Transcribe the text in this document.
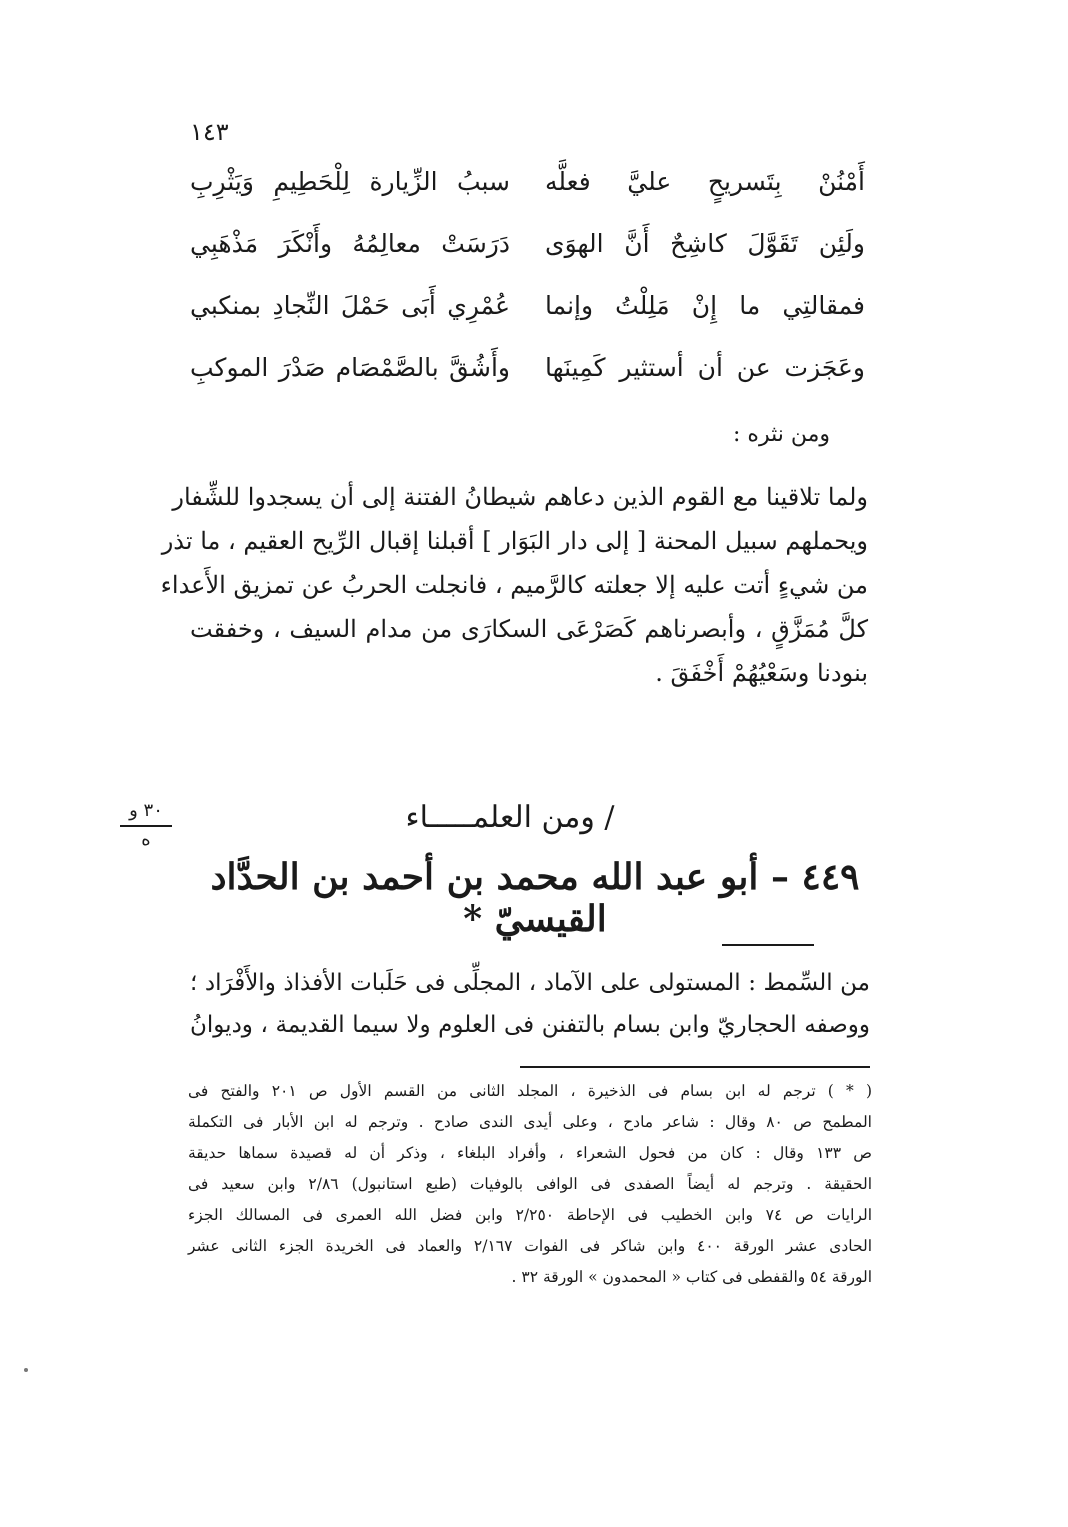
١٤٣
أَمْنُنْ بِتَسريحٍ عليَّ فعلَّه
سببُ الزِّيارة لِلْحَطِيمِ وَيَثْرِبِ
ولَئِن تَقَوَّلَ كاشِحٌ أَنَّ الهوَى
دَرَسَتْ معالِمُهُ وأَنْكَرَ مَذْهَبِي
فمقالتِي ما إِنْ مَلِلْتُ وإنما
عُمْرِي أَبَى حَمْلَ النِّجادِ بمنكبي
وعَجَزت عن أن أستثير كَمِينَها
وأَشُقَّ بالصَّمْصَام صَدْرَ الموكبِ
ومن نثره :
ولما تلاقينا مع القوم الذين دعاهم شيطانُ الفتنة إلى أن يسجدوا للشِّفار
ويحملهم سبيل المحنة [ إلى دار البَوَار ] أقبلنا إقبال الرِّيح العقيم ، ما تذر
من شيءٍ أتت عليه إلا جعلته كالرَّميم ، فانجلت الحربُ عن تمزيق الأَعداء
كلَّ مُمَزَّقٍ ، وأبصرناهم كَصَرْعَى السكارَى من مدام السيف ، وخفقت
بنودنا وسَعْيُهُمْ أَخْفَقَ .
٣٠ و
ه
/ ومن العلمـــــاء
٤٤٩ – أبو عبد الله محمد بن أحمد بن الحدَّاد القيسيّ *
من السِّمط : المستولى على الآماد ، المجلِّى فى حَلَبات الأفذاذ والأَفْرَاد ؛
ووصفه الحجاريّ وابن بسام بالتفنن فى العلوم ولا سيما القديمة ، وديوانُ
( * ) ترجم له ابن بسام فى الذخيرة ، المجلد الثانى من القسم الأول ص ٢٠١ والفتح فى
المطمح ص ٨٠ وقال : شاعر مادح ، وعلى أيدى الندى صادح . وترجم له ابن الأبار فى التكملة
ص ١٣٣ وقال : كان من فحول الشعراء ، وأفراد البلغاء ، وذكر أن له قصيدة سماها حديقة
الحقيقة . وترجم له أيضاً الصفدى فى الوافى بالوفيات (طبع استانبول) ٢/٨٦ وابن سعيد فى
الرايات ص ٧٤ وابن الخطيب فى الإحاطة ٢/٢٥٠ وابن فضل الله العمرى فى المسالك الجزء
الحادى عشر الورقة ٤٠٠ وابن شاكر فى الفوات ٢/١٦٧ والعماد فى الخريدة الجزء الثانى عشر
الورقة ٥٤ والقفطى فى كتاب « المحمدون » الورقة ٣٢ .
